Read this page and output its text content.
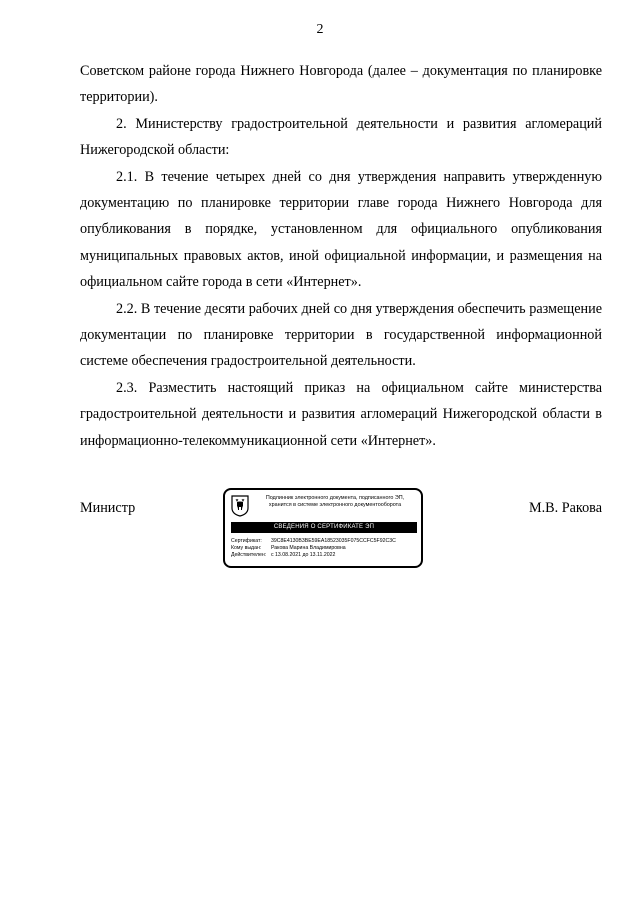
2

Советском районе города Нижнего Новгорода (далее – документация по планировке территории).

2. Министерству градостроительной деятельности и развития агломераций Нижегородской области:

2.1. В течение четырех дней со дня утверждения направить утвержденную документацию по планировке территории главе города Нижнего Новгорода для опубликования в порядке, установленном для официального опубликования муниципальных правовых актов, иной официальной информации, и размещения на официальном сайте города в сети «Интернет».

2.2. В течение десяти рабочих дней со дня утверждения обеспечить размещение документации по планировке территории в государственной информационной системе обеспечения градостроительной деятельности.

2.3. Разместить настоящий приказ на официальном сайте министерства градостроительной деятельности и развития агломераций Нижегородской области в информационно-телекоммуникационной сети «Интернет».

Министр
Подлинник электронного документа, подписанного ЭП,
хранится в системе электронного документооборота
СВЕДЕНИЯ О СЕРТИФИКАТЕ ЭП
Сертификат: 39C8E4130B3BE59EA18523035F075CCFC5F92C3C
Кому выдан: Ракова Марина Владимировна
Действителен: с 13.08.2021 до 13.11.2022
М.В. Ракова
